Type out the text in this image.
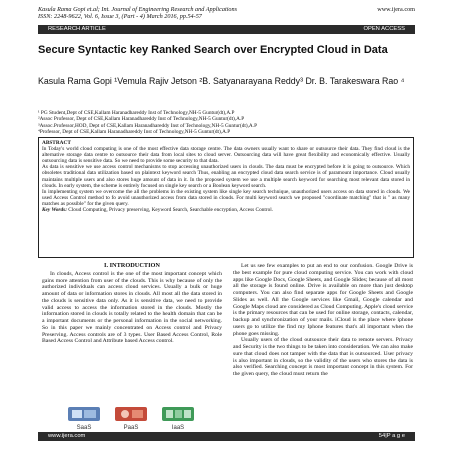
Kasula Rama Gopi et.al; Int. Journal of Engineering Research and Applications
ISSN: 2248-9622, Vol. 6, Issue 3, (Part - 4) March 2016, pp.54-57
www.ijera.com
RESEARCH ARTICLE	OPEN ACCESS
Secure Syntactic key Ranked Search over Encrypted Cloud in Data
Kasula Rama Gopi ¹Vemula Rajiv Jetson ²B. Satyanarayana Reddy³ Dr. B. Tarakeswara Rao ⁴
¹ PG Student,Dept of CSE,Kallam Haranadhareddy Inst of Technology,NH-5 Guntur(dt),A.P
²Assoc Professor, Dept of CSE,Kallam Haranadhareddy Inst of Technology,NH-5 Guntur(dt),A.P
³Assoc.Professor,HOD, Dept of CSE,Kallam Haranadhareddy Inst of Technology,NH-5 Guntur(dt),A.P
⁴Professor, Dept of CSE,Kallam Haranadhareddy Inst of Technology,NH-5 Guntur(dt),A.P

ABSTRACT

In Today's world cloud computing is one of the most effective data storage centre. The data owners usually want to share or outsource their data. They find cloud is the alternative storage data centre to outsource their data from local sites to cloud server. Outsourcing data will have great flexibility and economically effective. Usually outsourcing data is sensitive data. So we need to provide some security to that data.

As data is sensitive we use access control mechanisms to stop accessing unauthorized users in clouds. The data must be encrypted before it is going to outsource. Which obsoletes traditional data utilization based on plaintext keyword search Thus, enabling an encrypted cloud data search service is of paramount importance. Cloud usually maintains multiple users and also stores huge amount of data in it. In the proposed system we use a multiple search keyword for searching most relevant data stored in clouds. In early system, the scheme is entirely focused on single key search or a Boolean keyword search.

In implementing system we overcome the all the problems in the existing system like single key search technique, unauthorized users access on data stored in clouds. We used Access Control method to fo avoid unauthorized access from data stored in clouds. For multi keyword search we proposed "coordinate matching" that is " as many matches as possible" for the given query.

Key Words: Cloud Computing, Privacy preserving, Keyword Search, Searchable encryption, Access Control.

I. INTRODUCTION

In clouds, Access control is the one of the most important concept which gains more attention from user of the clouds. This is why because of only the authorized individuals can access cloud services. Usually a bulk or huge amount of data or information stores in clouds. All most all the data stored in the clouds is sensitive data only. As it is sensitive data, we need to provide valid access to access the information stored in the clouds. Mostly the information stored in clouds is totally related to the health domain that can be a important documents or the personal information in the social networking. So in this paper we mainly concentrated on Access control and Privacy Preserving. Access controls are of 3 types. User Based Access Control, Role Based Access Control and Attribute based Access control.

SaaS	PaaS	IaaS

Let us see few examples to put an end to our confusion. Google Drive is the best example for pure cloud computing service. You can work with cloud apps like Google Docs, Google Sheets, and Google Slides; because of all most all the storage is found online. Drive is available on more than just desktop computers. You can also find separate apps for Google Sheets and Google Slides as well. All the Google services like Gmail, Google calendar and Google Maps cloud are considered as Cloud Computing. Apple's cloud service is the primary resources that can be used for online storage, contacts, calendar, backup and synchronization of your mails. iCloud is the place where iphone users go to utilize the find my Iphone features that's all important when the phone goes missing.

Usually users of the cloud outsource their data to remote servers. Privacy and Security is the two things to be taken into consideration. We can also make sure that cloud does not tamper with the data that is outsourced. User privacy is also important in clouds, so the validity of the users who stores the data is also verified. Searching concept is most important concept in this system. For the given query, the cloud must return the

www.ijera.com	54|P a g e
